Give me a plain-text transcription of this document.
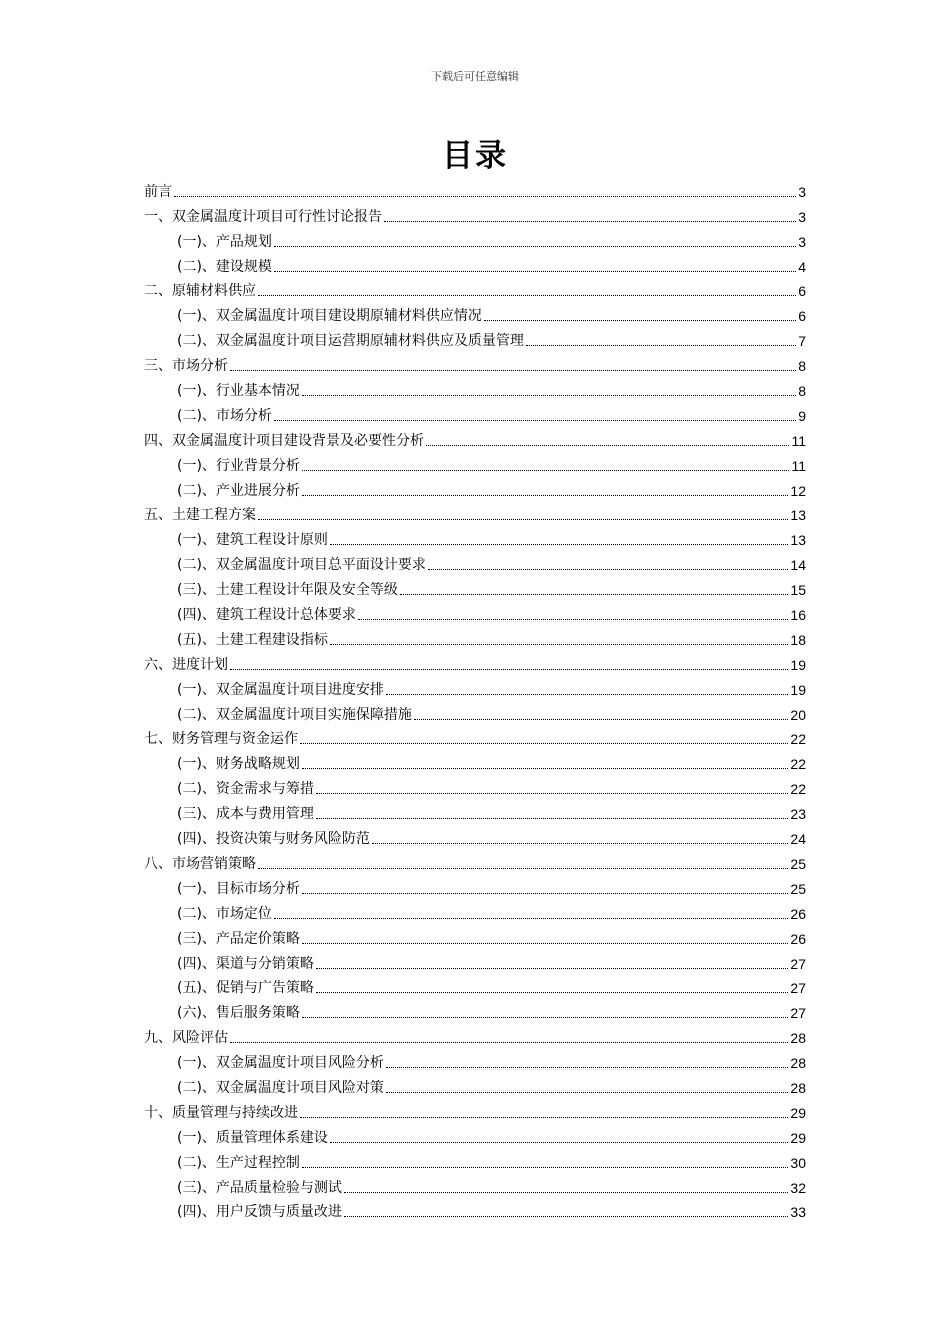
下载后可任意编辑
目录
前言	3
一、双金属温度计项目可行性讨论报告	3
(一)、产品规划	3
(二)、建设规模	4
二、原辅材料供应	6
(一)、双金属温度计项目建设期原辅材料供应情况	6
(二)、双金属温度计项目运营期原辅材料供应及质量管理	7
三、市场分析	8
(一)、行业基本情况	8
(二)、市场分析	9
四、双金属温度计项目建设背景及必要性分析	11
(一)、行业背景分析	11
(二)、产业进展分析	12
五、土建工程方案	13
(一)、建筑工程设计原则	13
(二)、双金属温度计项目总平面设计要求	14
(三)、土建工程设计年限及安全等级	15
(四)、建筑工程设计总体要求	16
(五)、土建工程建设指标	18
六、进度计划	19
(一)、双金属温度计项目进度安排	19
(二)、双金属温度计项目实施保障措施	20
七、财务管理与资金运作	22
(一)、财务战略规划	22
(二)、资金需求与筹措	22
(三)、成本与费用管理	23
(四)、投资决策与财务风险防范	24
八、市场营销策略	25
(一)、目标市场分析	25
(二)、市场定位	26
(三)、产品定价策略	26
(四)、渠道与分销策略	27
(五)、促销与广告策略	27
(六)、售后服务策略	27
九、风险评估	28
(一)、双金属温度计项目风险分析	28
(二)、双金属温度计项目风险对策	28
十、质量管理与持续改进	29
(一)、质量管理体系建设	29
(二)、生产过程控制	30
(三)、产品质量检验与测试	32
(四)、用户反馈与质量改进	33
